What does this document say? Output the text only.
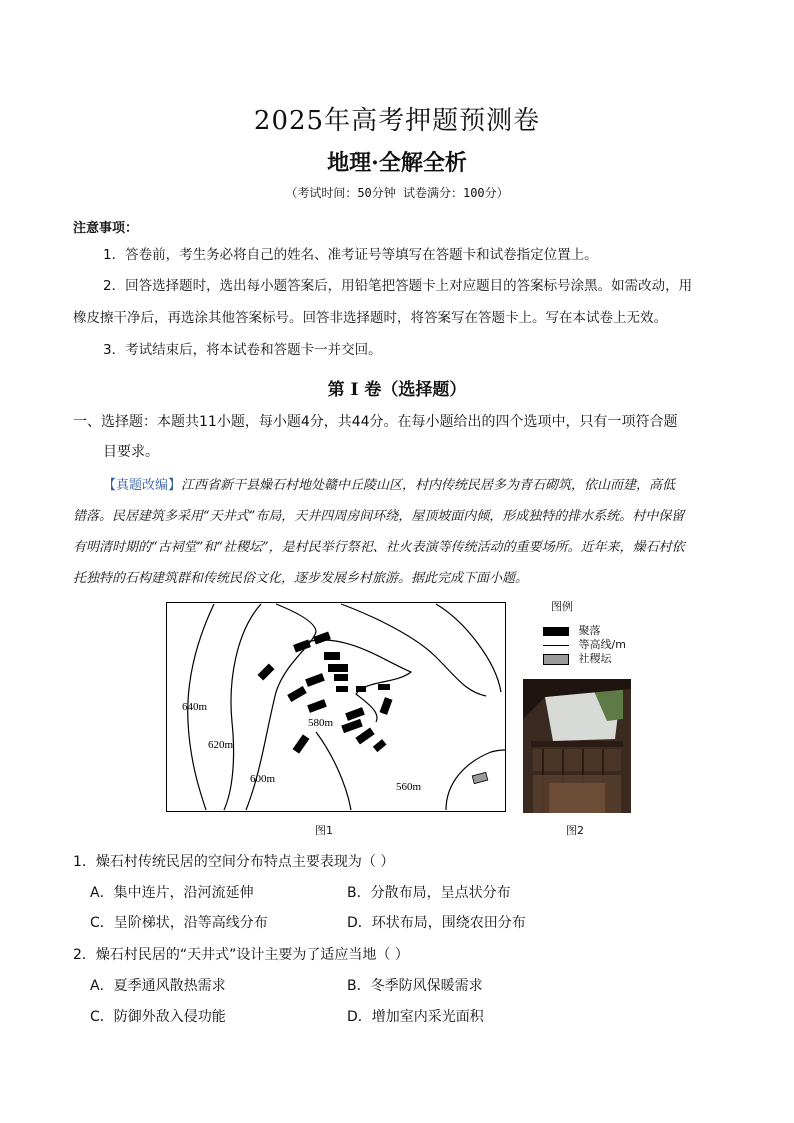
2025年高考押题预测卷
地理·全解全析
（考试时间：50分钟 试卷满分：100分）
注意事项：
1．答卷前，考生务必将自己的姓名、准考证号等填写在答题卡和试卷指定位置上。
2．回答选择题时，选出每小题答案后，用铅笔把答题卡上对应题目的答案标号涂黑。如需改动，用
橡皮擦干净后，再选涂其他答案标号。回答非选择题时，将答案写在答题卡上。写在本试卷上无效。
3．考试结束后，将本试卷和答题卡一并交回。
第 I 卷（选择题）
一、选择题：本题共11小题，每小题4分，共44分。在每小题给出的四个选项中，只有一项符合题
目要求。
【真题改编】江西省新干县燥石村地处赣中丘陵山区，村内传统民居多为青石砌筑，依山而建，高低
错落。民居建筑多采用“天井式”布局，天井四周房间环绕，屋顶坡面内倾，形成独特的排水系统。村中保留
有明清时期的“古祠堂”和“社稷坛”，是村民举行祭祀、社火表演等传统活动的重要场所。近年来，燥石村依
托独特的石构建筑群和传统民俗文化，逐步发展乡村旅游。据此完成下面小题。
640m
620m
600m
580m
560m
图例
聚落
等高线/m
社稷坛
图1	图2
1．燥石村传统民居的空间分布特点主要表现为（ ）
A．集中连片，沿河流延伸	B．分散布局，呈点状分布
C．呈阶梯状，沿等高线分布	D．环状布局，围绕农田分布
2．燥石村民居的“天井式”设计主要为了适应当地（ ）
A．夏季通风散热需求	B．冬季防风保暖需求
C．防御外敌入侵功能	D．增加室内采光面积
